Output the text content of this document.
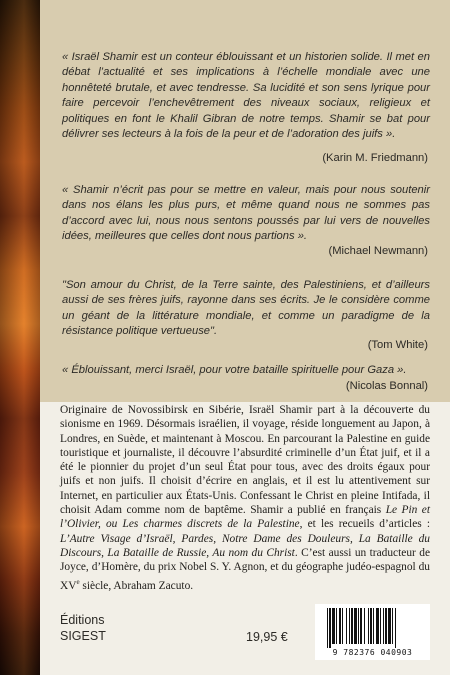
« Israël Shamir est un conteur éblouissant et un historien solide. Il met en débat l’actualité et ses implications à l’échelle mondiale avec une honnêteté brutale, et avec tendresse. Sa lucidité et son sens lyrique pour faire percevoir l’enchevêtrement des niveaux sociaux, religieux et politiques en font le Khalil Gibran de notre temps. Shamir se bat pour délivrer ses lecteurs à la fois de la peur et de l’adoration des juifs ».
(Karin M. Friedmann)
« Shamir n’écrit pas pour se mettre en valeur, mais pour nous soutenir dans nos élans les plus purs, et même quand nous ne sommes pas d’accord avec lui, nous nous sentons poussés par lui vers de nouvelles idées, meilleures que celles dont nous partions ».
(Michael Newmann)
"Son amour du Christ, de la Terre sainte, des Palestiniens, et d’ailleurs aussi de ses frères juifs, rayonne dans ses écrits. Je le considère comme un géant de la littérature mondiale, et comme un paradigme de la résistance politique vertueuse".
(Tom White)
« Éblouissant, merci Israël, pour votre bataille spirituelle pour Gaza ».
(Nicolas Bonnal)
Originaire de Novossibirsk en Sibérie, Israël Shamir part à la découverte du sionisme en 1969. Désormais israélien, il voyage, réside longuement au Japon, à Londres, en Suède, et maintenant à Moscou. En parcourant la Palestine en guide touristique et journaliste, il découvre l’absurdité criminelle d’un État juif, et il a été le pionnier du projet d’un seul État pour tous, avec des droits égaux pour juifs et non juifs. Il choisit d’écrire en anglais, et il est lu attentivement sur Internet, en particulier aux États-Unis. Confessant le Christ en pleine Intifada, il choisit Adam comme nom de baptême. Shamir a publié en français Le Pin et l’Olivier, ou Les charmes discrets de la Palestine, et les recueils d’articles : L’Autre Visage d’Israël, Pardes, Notre Dame des Douleurs, La Bataille du Discours, La Bataille de Russie, Au nom du Christ. C’est aussi un traducteur de Joyce, d’Homère, du prix Nobel S. Y. Agnon, et du géographe judéo-espagnol du XVe siècle, Abraham Zacuto.
Éditions
SIGEST	19,95 €
9 782376 040903
